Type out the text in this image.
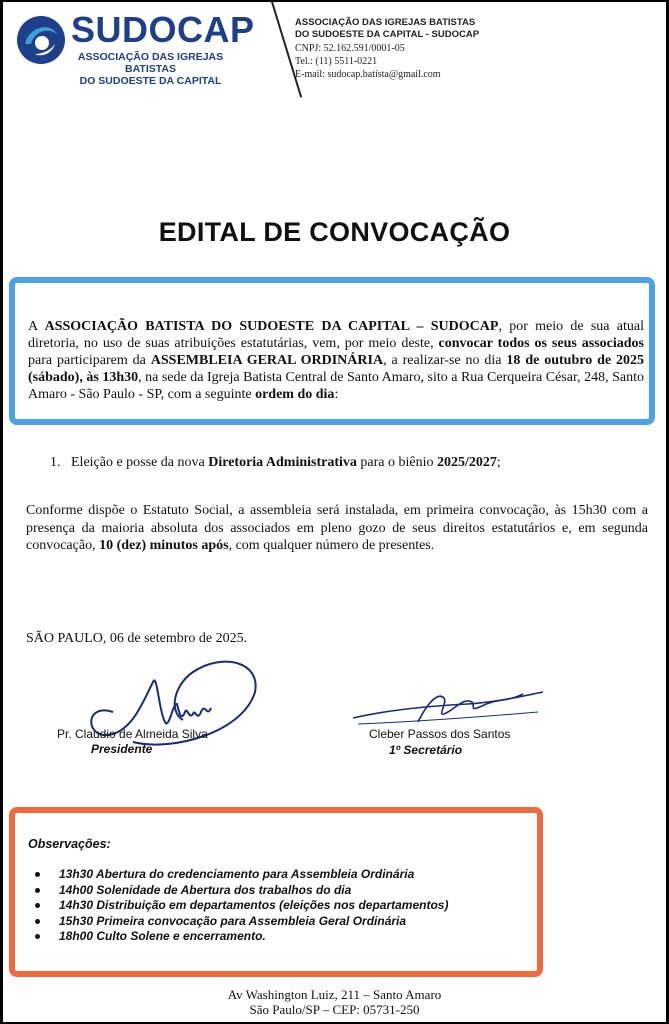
SUDOCAP
ASSOCIAÇÃO DAS IGREJAS BATISTAS
DO SUDOESTE DA CAPITAL
ASSOCIAÇÃO DAS IGREJAS BATISTAS
DO SUDOESTE DA CAPITAL - SUDOCAP
CNPJ: 52.162.591/0001-05
Tel.: (11) 5511-0221
E-mail: sudocap.batista@gmail.com
EDITAL DE CONVOCAÇÃO
A ASSOCIAÇÃO BATISTA DO SUDOESTE DA CAPITAL – SUDOCAP, por meio de sua atual diretoria, no uso de suas atribuições estatutárias, vem, por meio deste, convocar todos os seus associados para participarem da ASSEMBLEIA GERAL ORDINÁRIA, a realizar-se no dia 18 de outubro de 2025 (sábado), às 13h30, na sede da Igreja Batista Central de Santo Amaro, sito a Rua Cerqueira César, 248, Santo Amaro - São Paulo - SP, com a seguinte ordem do dia:
1. Eleição e posse da nova Diretoria Administrativa para o biênio 2025/2027;
Conforme dispõe o Estatuto Social, a assembleia será instalada, em primeira convocação, às 15h30 com a presença da maioria absoluta dos associados em pleno gozo de seus direitos estatutários e, em segunda convocação, 10 (dez) minutos após, com qualquer número de presentes.
SÃO PAULO, 06 de setembro de 2025.
Pr. Claudio de Almeida Silva
Presidente
Cleber Passos dos Santos
1º Secretário
Observações:
13h30 Abertura do credenciamento para Assembleia Ordinária
14h00 Solenidade de Abertura dos trabalhos do dia
14h30 Distribuição em departamentos (eleições nos departamentos)
15h30 Primeira convocação para Assembleia Geral Ordinária
18h00 Culto Solene e encerramento.
Av Washington Luiz, 211 – Santo Amaro
São Paulo/SP – CEP: 05731-250
